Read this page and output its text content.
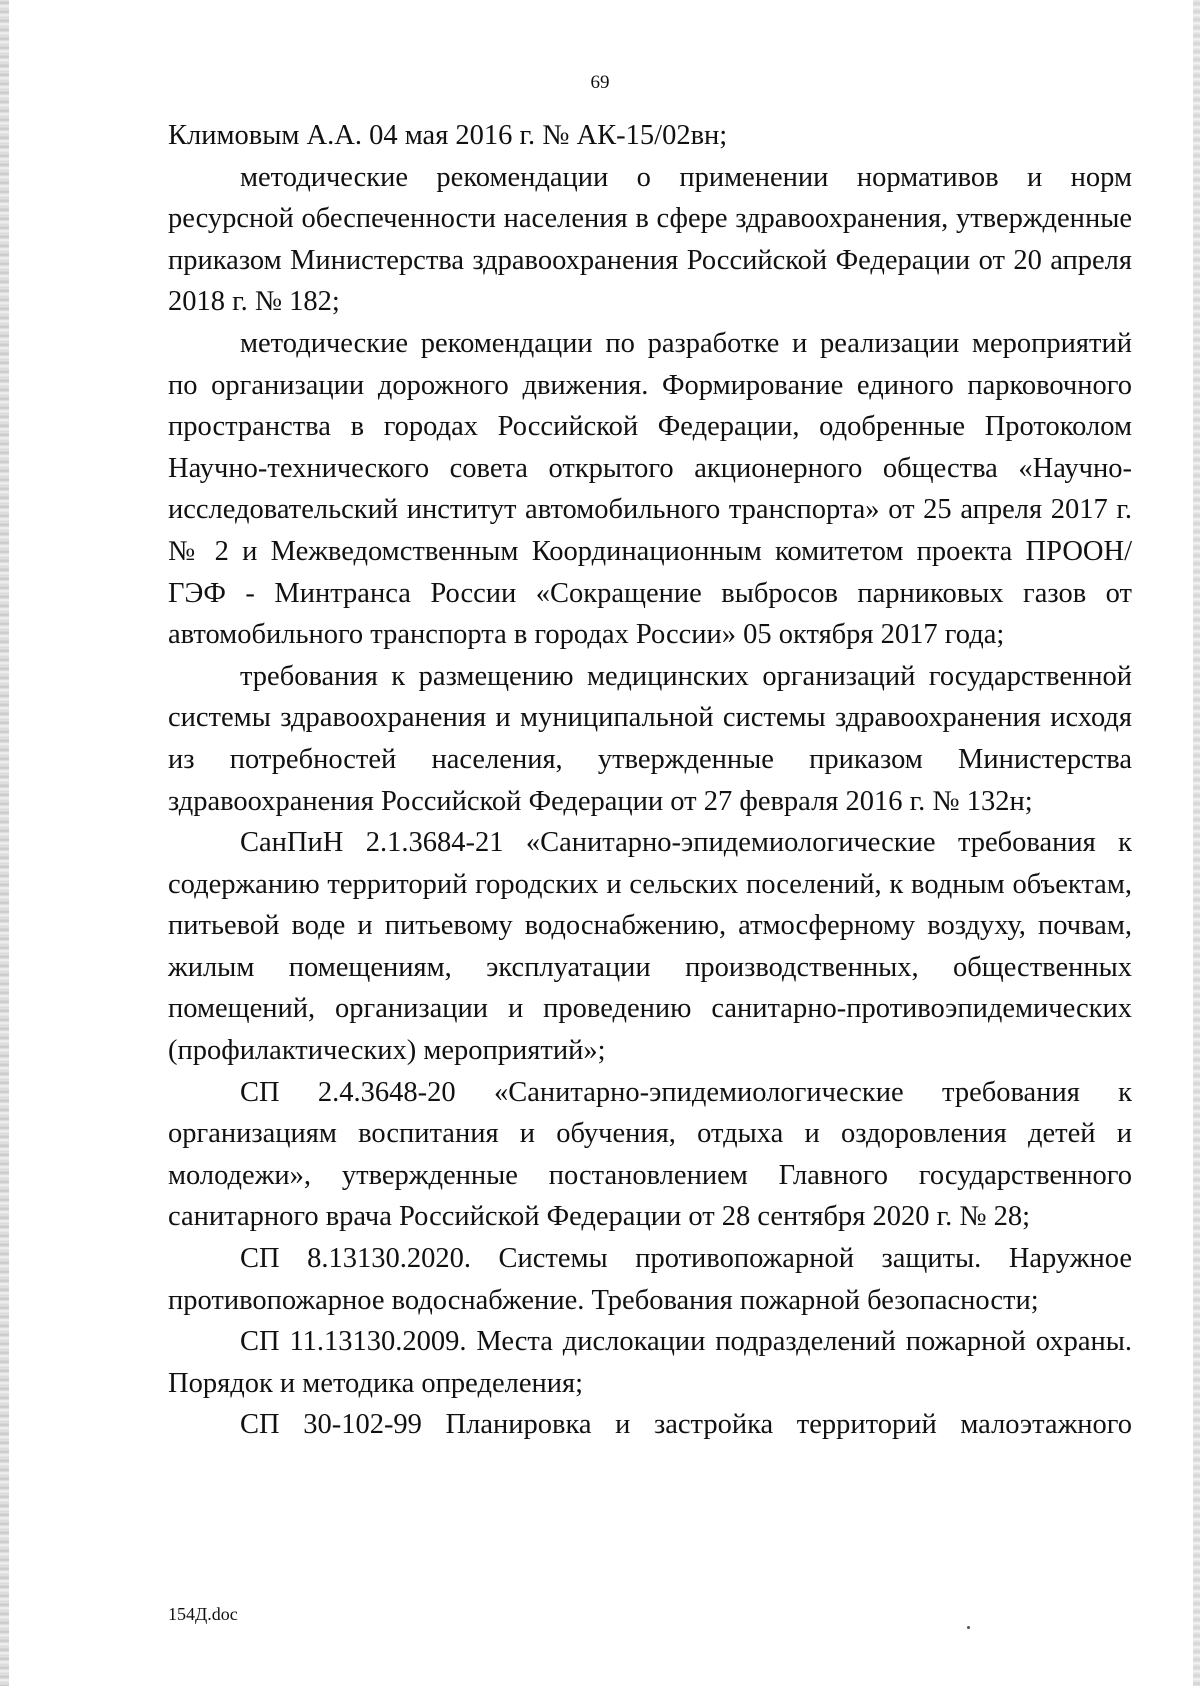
69

Климовым А.А. 04 мая 2016 г. № АК-15/02вн;

методические рекомендации о применении нормативов и норм ресурсной обеспеченности населения в сфере здравоохранения, утвержденные приказом Министерства здравоохранения Российской Федерации от 20 апреля 2018 г. № 182;

методические рекомендации по разработке и реализации мероприятий по организации дорожного движения. Формирование единого парковочного пространства в городах Российской Федерации, одобренные Протоколом Научно-технического совета открытого акционерного общества «Научно-исследовательский институт автомобильного транспорта» от 25 апреля 2017 г. № 2 и Межведомственным Координационным комитетом проекта ПРООН/ГЭФ - Минтранса России «Сокращение выбросов парниковых газов от автомобильного транспорта в городах России» 05 октября 2017 года;

требования к размещению медицинских организаций государственной системы здравоохранения и муниципальной системы здравоохранения исходя из потребностей населения, утвержденные приказом Министерства здравоохранения Российской Федерации от 27 февраля 2016 г. № 132н;

СанПиН 2.1.3684-21 «Санитарно-эпидемиологические требования к содержанию территорий городских и сельских поселений, к водным объектам, питьевой воде и питьевому водоснабжению, атмосферному воздуху, почвам, жилым помещениям, эксплуатации производственных, общественных помещений, организации и проведению санитарно-противоэпидемических (профилактических) мероприятий»;

СП 2.4.3648-20 «Санитарно-эпидемиологические требования к организациям воспитания и обучения, отдыха и оздоровления детей и молодежи», утвержденные постановлением Главного государственного санитарного врача Российской Федерации от 28 сентября 2020 г. № 28;

СП 8.13130.2020. Системы противопожарной защиты. Наружное противопожарное водоснабжение. Требования пожарной безопасности;

СП 11.13130.2009. Места дислокации подразделений пожарной охраны. Порядок и методика определения;

СП 30-102-99 Планировка и застройка территорий малоэтажного

154Д.doc
